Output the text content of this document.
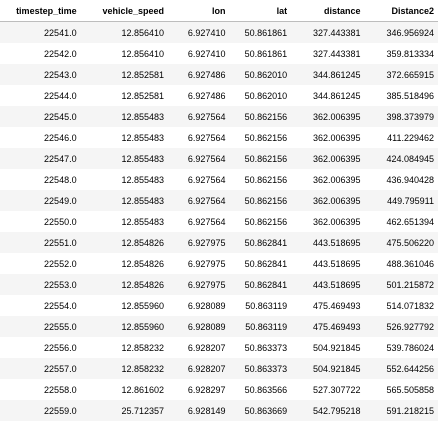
timestep_time	vehicle_speed	lon	lat	distance	Distance2
22541.0	12.856410	6.927410	50.861861	327.443381	346.956924
22542.0	12.856410	6.927410	50.861861	327.443381	359.813334
22543.0	12.852581	6.927486	50.862010	344.861245	372.665915
22544.0	12.852581	6.927486	50.862010	344.861245	385.518496
22545.0	12.855483	6.927564	50.862156	362.006395	398.373979
22546.0	12.855483	6.927564	50.862156	362.006395	411.229462
22547.0	12.855483	6.927564	50.862156	362.006395	424.084945
22548.0	12.855483	6.927564	50.862156	362.006395	436.940428
22549.0	12.855483	6.927564	50.862156	362.006395	449.795911
22550.0	12.855483	6.927564	50.862156	362.006395	462.651394
22551.0	12.854826	6.927975	50.862841	443.518695	475.506220
22552.0	12.854826	6.927975	50.862841	443.518695	488.361046
22553.0	12.854826	6.927975	50.862841	443.518695	501.215872
22554.0	12.855960	6.928089	50.863119	475.469493	514.071832
22555.0	12.855960	6.928089	50.863119	475.469493	526.927792
22556.0	12.858232	6.928207	50.863373	504.921845	539.786024
22557.0	12.858232	6.928207	50.863373	504.921845	552.644256
22558.0	12.861602	6.928297	50.863566	527.307722	565.505858
22559.0	25.712357	6.928149	50.863669	542.795218	591.218215
